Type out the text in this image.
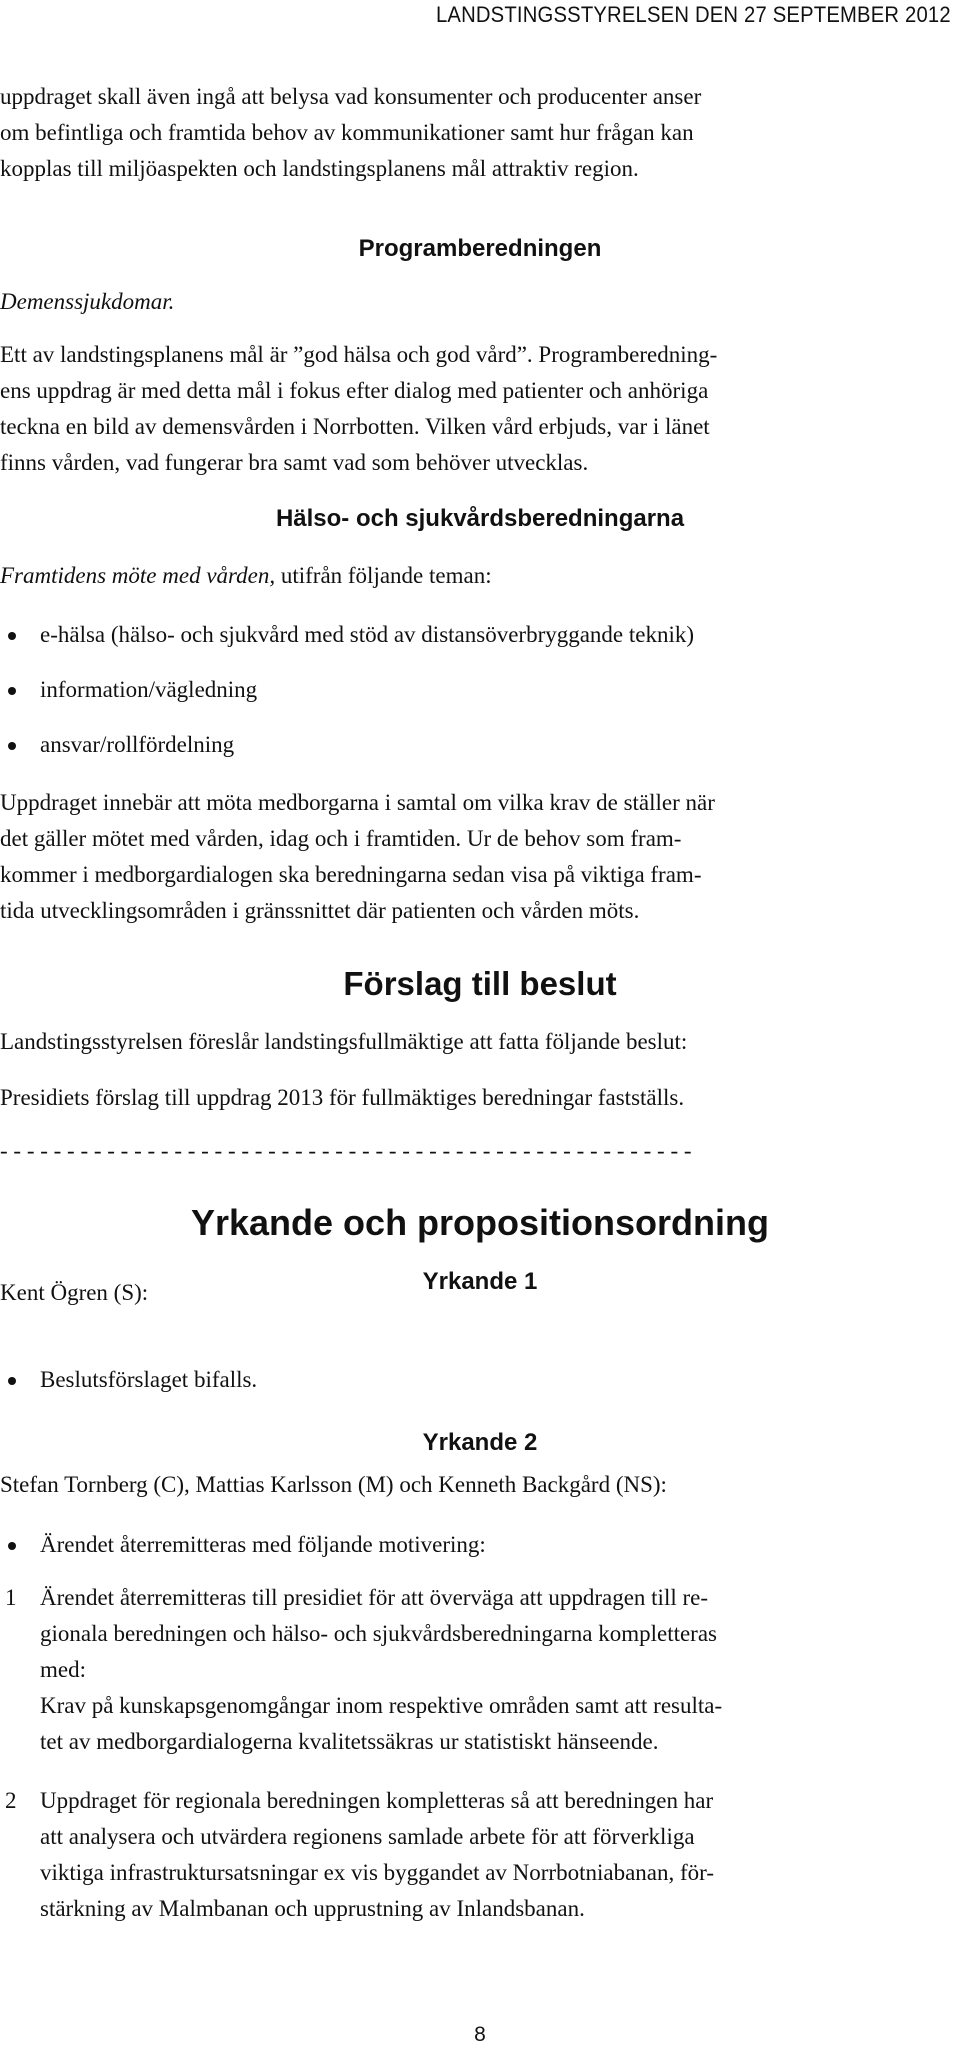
LANDSTINGSSTYRELSEN DEN 27 SEPTEMBER 2012
uppdraget skall även ingå att belysa vad konsumenter och producenter anser
om befintliga och framtida behov av kommunikationer samt hur frågan kan
kopplas till miljöaspekten och landstingsplanens mål attraktiv region.
Programberedningen
Demenssjukdomar.
Ett av landstingsplanens mål är ”god hälsa och god vård”. Programberedning-
ens uppdrag är med detta mål i fokus efter dialog med patienter och anhöriga
teckna en bild av demensvården i Norrbotten. Vilken vård erbjuds, var i länet
finns vården, vad fungerar bra samt vad som behöver utvecklas.
Hälso- och sjukvårdsberedningarna
Framtidens möte med vården, utifrån följande teman:
e-hälsa (hälso- och sjukvård med stöd av distansöverbryggande teknik)
information/vägledning
ansvar/rollfördelning
Uppdraget innebär att möta medborgarna i samtal om vilka krav de ställer när
det gäller mötet med vården, idag och i framtiden. Ur de behov som fram-
kommer i medborgardialogen ska beredningarna sedan visa på viktiga fram-
tida utvecklingsområden i gränssnittet där patienten och vården möts.
Förslag till beslut
Landstingsstyrelsen föreslår landstingsfullmäktige att fatta följande beslut:
Presidiets förslag till uppdrag 2013 för fullmäktiges beredningar fastställs.
- - - - - - - - - - - - - - - - - - - - - - - - - - - - - - - - - - - - - - - - - - - - - - - - - - - -
Yrkande och propositionsordning
Yrkande 1
Kent Ögren (S):
Beslutsförslaget bifalls.
Yrkande 2
Stefan Tornberg (C), Mattias Karlsson (M) och Kenneth Backgård (NS):
Ärendet återremitteras med följande motivering:
1 Ärendet återremitteras till presidiet för att överväga att uppdragen till re-
gionala beredningen och hälso- och sjukvårdsberedningarna kompletteras
med:
Krav på kunskapsgenomgångar inom respektive områden samt att resulta-
tet av medborgardialogerna kvalitetssäkras ur statistiskt hänseende.
2 Uppdraget för regionala beredningen kompletteras så att beredningen har
att analysera och utvärdera regionens samlade arbete för att förverkliga
viktiga infrastruktursatsningar ex vis byggandet av Norrbotniabanan, för-
stärkning av Malmbanan och upprustning av Inlandsbanan.
8
